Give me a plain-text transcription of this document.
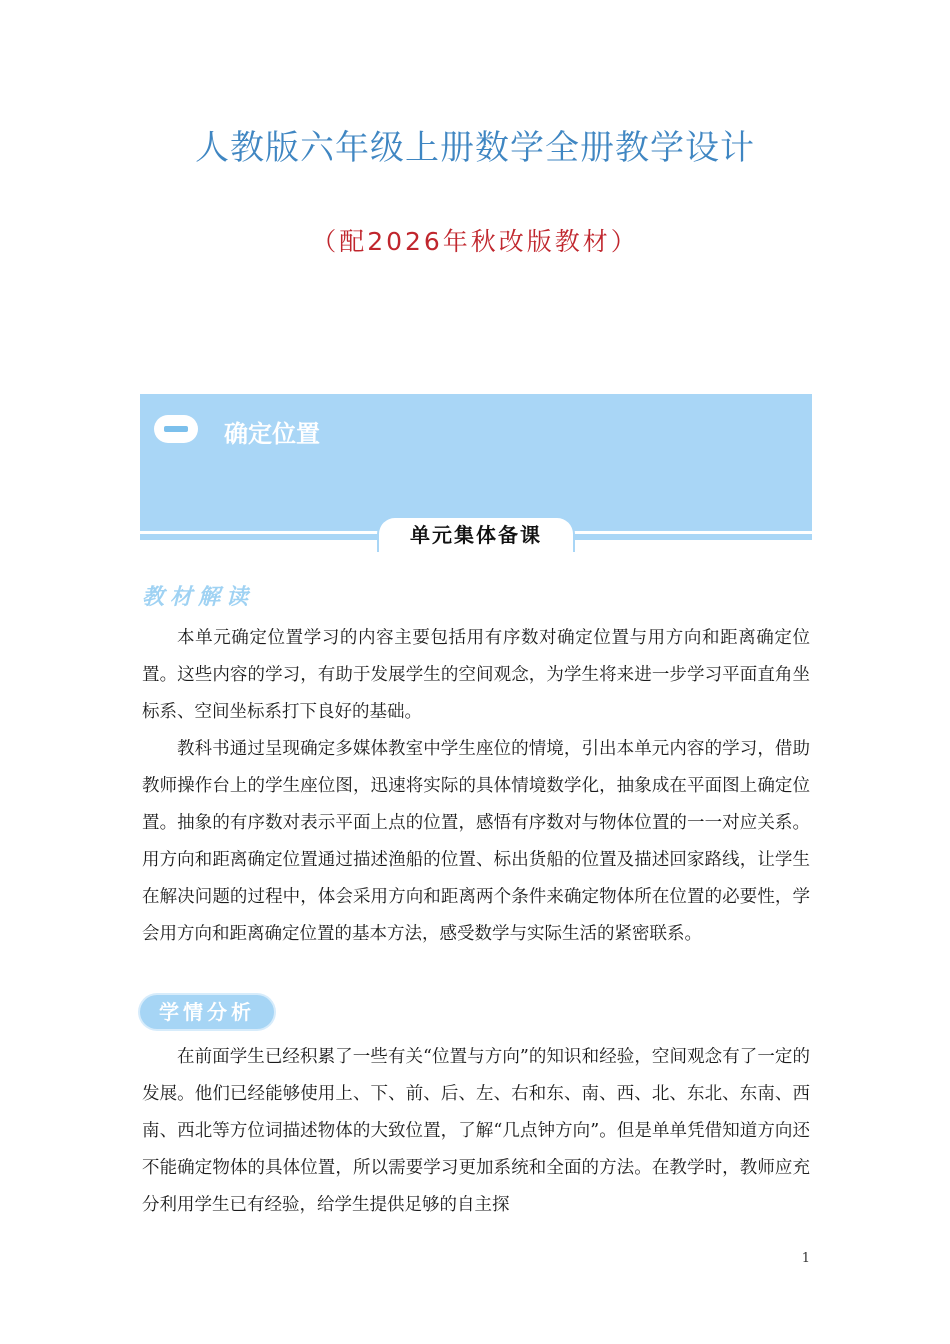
人教版六年级上册数学全册教学设计
（配2026年秋改版教材）
确定位置
单元集体备课
教材解读

本单元确定位置学习的内容主要包括用有序数对确定位置与用方向和距离确定位置。这些内容的学习，有助于发展学生的空间观念，为学生将来进一步学习平面直角坐标系、空间坐标系打下良好的基础。

教科书通过呈现确定多媒体教室中学生座位的情境，引出本单元内容的学习，借助教师操作台上的学生座位图，迅速将实际的具体情境数学化，抽象成在平面图上确定位置。抽象的有序数对表示平面上点的位置，感悟有序数对与物体位置的一一对应关系。用方向和距离确定位置通过描述渔船的位置、标出货船的位置及描述回家路线，让学生在解决问题的过程中，体会采用方向和距离两个条件来确定物体所在位置的必要性，学会用方向和距离确定位置的基本方法，感受数学与实际生活的紧密联系。

学情分析

在前面学生已经积累了一些有关“位置与方向”的知识和经验，空间观念有了一定的发展。他们已经能够使用上、下、前、后、左、右和东、南、西、北、东北、东南、西南、西北等方位词描述物体的大致位置，了解“几点钟方向”。但是单单凭借知道方向还不能确定物体的具体位置，所以需要学习更加系统和全面的方法。在教学时，教师应充分利用学生已有经验，给学生提供足够的自主探

1
